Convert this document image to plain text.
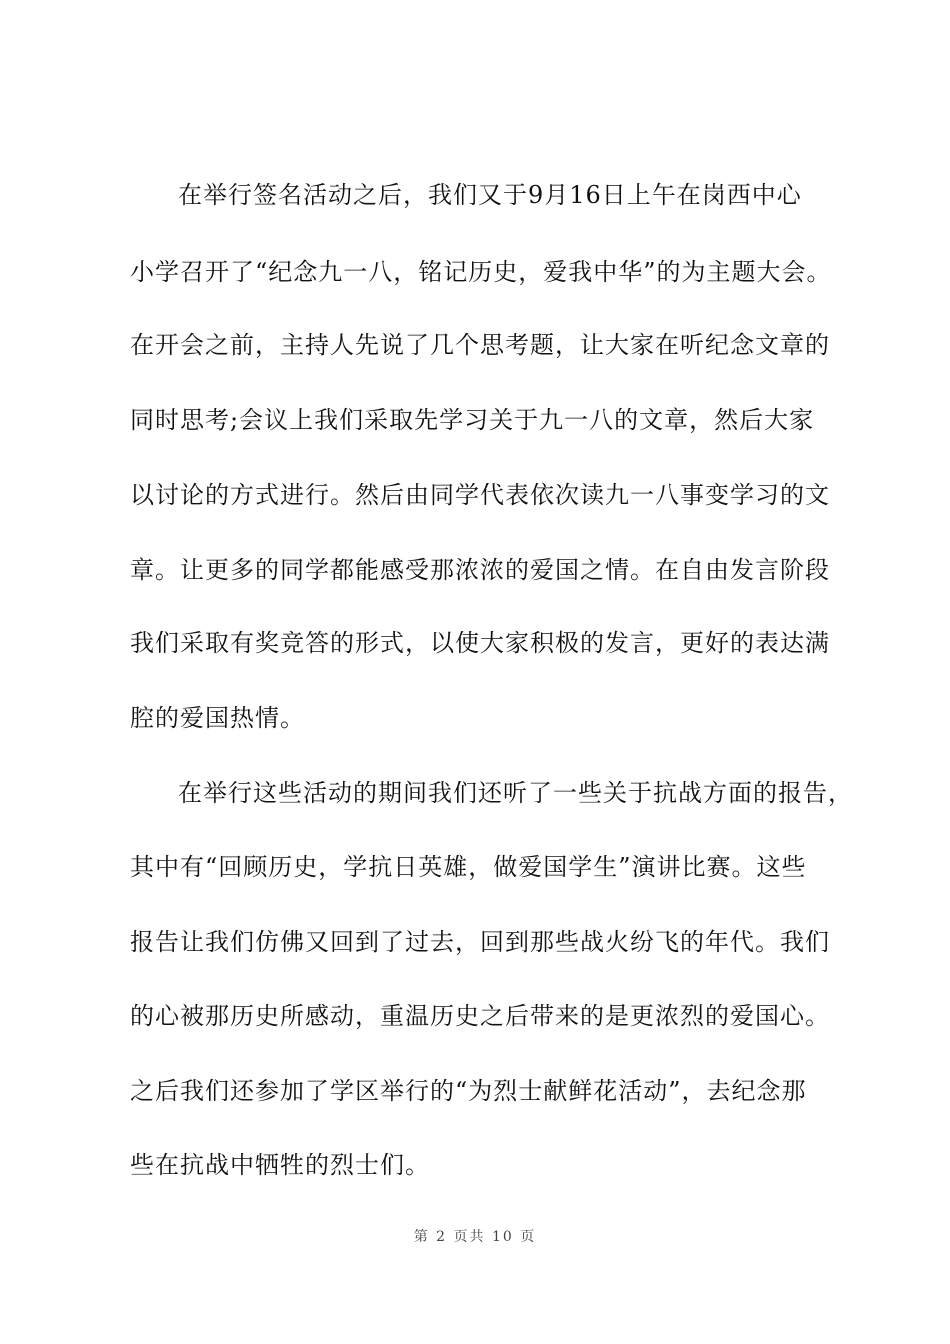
在举行签名活动之后，我们又于9月16日上午在岗西中心
小学召开了“纪念九一八，铭记历史，爱我中华”的为主题大会。
在开会之前，主持人先说了几个思考题，让大家在听纪念文章的
同时思考;会议上我们采取先学习关于九一八的文章，然后大家
以讨论的方式进行。然后由同学代表依次读九一八事变学习的文
章。让更多的同学都能感受那浓浓的爱国之情。在自由发言阶段
我们采取有奖竞答的形式，以使大家积极的发言，更好的表达满
腔的爱国热情。
在举行这些活动的期间我们还听了一些关于抗战方面的报告，
其中有“回顾历史，学抗日英雄，做爱国学生”演讲比赛。这些
报告让我们仿佛又回到了过去，回到那些战火纷飞的年代。我们
的心被那历史所感动，重温历史之后带来的是更浓烈的爱国心。
之后我们还参加了学区举行的“为烈士献鲜花活动”，去纪念那
些在抗战中牺牲的烈士们。
第 2 页共 10 页
